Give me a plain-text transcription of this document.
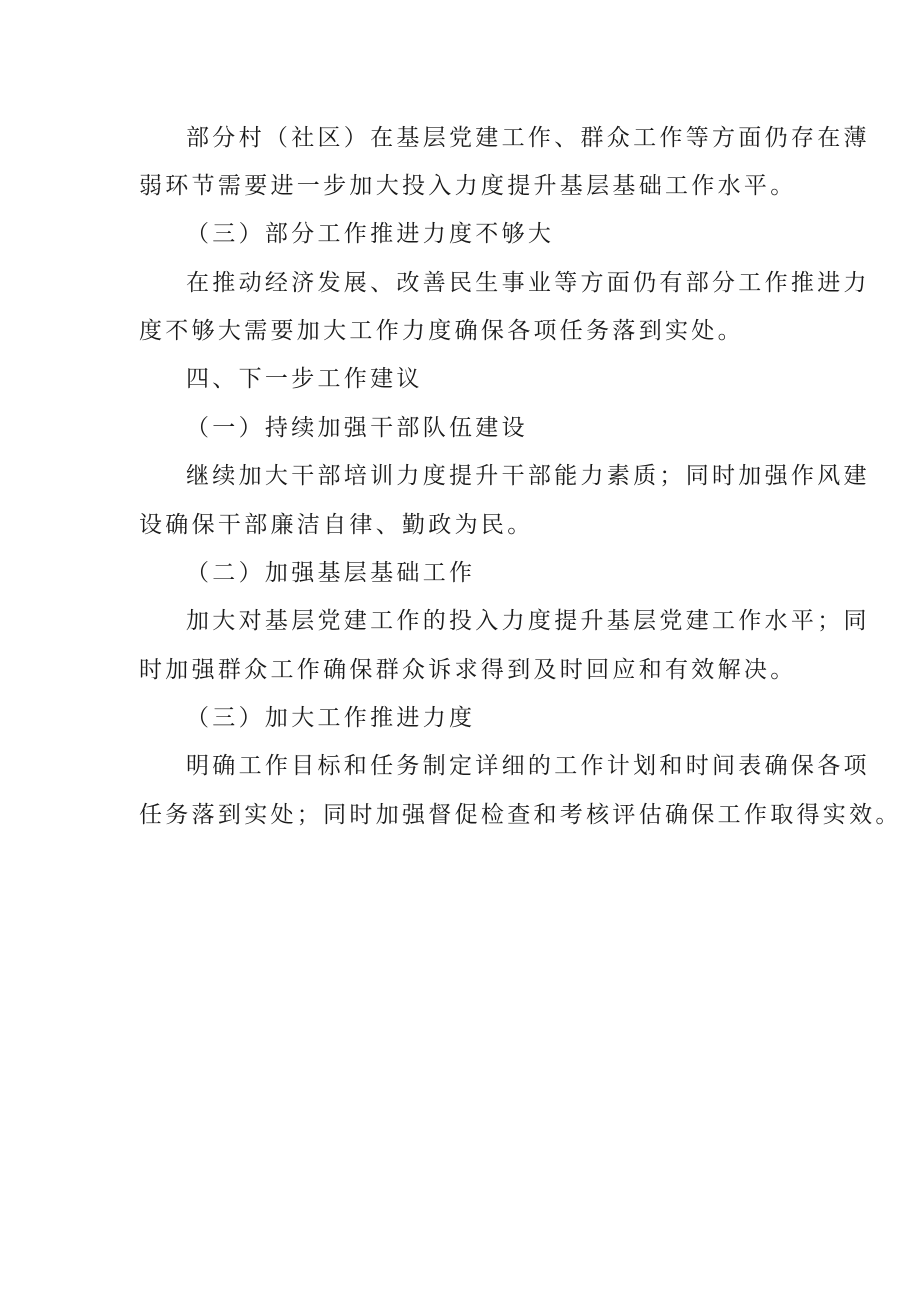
部分村（社区）在基层党建工作、群众工作等方面仍存在薄
弱环节需要进一步加大投入力度提升基层基础工作水平。
（三）部分工作推进力度不够大
在推动经济发展、改善民生事业等方面仍有部分工作推进力
度不够大需要加大工作力度确保各项任务落到实处。
四、下一步工作建议
（一）持续加强干部队伍建设
继续加大干部培训力度提升干部能力素质；同时加强作风建
设确保干部廉洁自律、勤政为民。
（二）加强基层基础工作
加大对基层党建工作的投入力度提升基层党建工作水平；同
时加强群众工作确保群众诉求得到及时回应和有效解决。
（三）加大工作推进力度
明确工作目标和任务制定详细的工作计划和时间表确保各项
任务落到实处；同时加强督促检查和考核评估确保工作取得实效。
